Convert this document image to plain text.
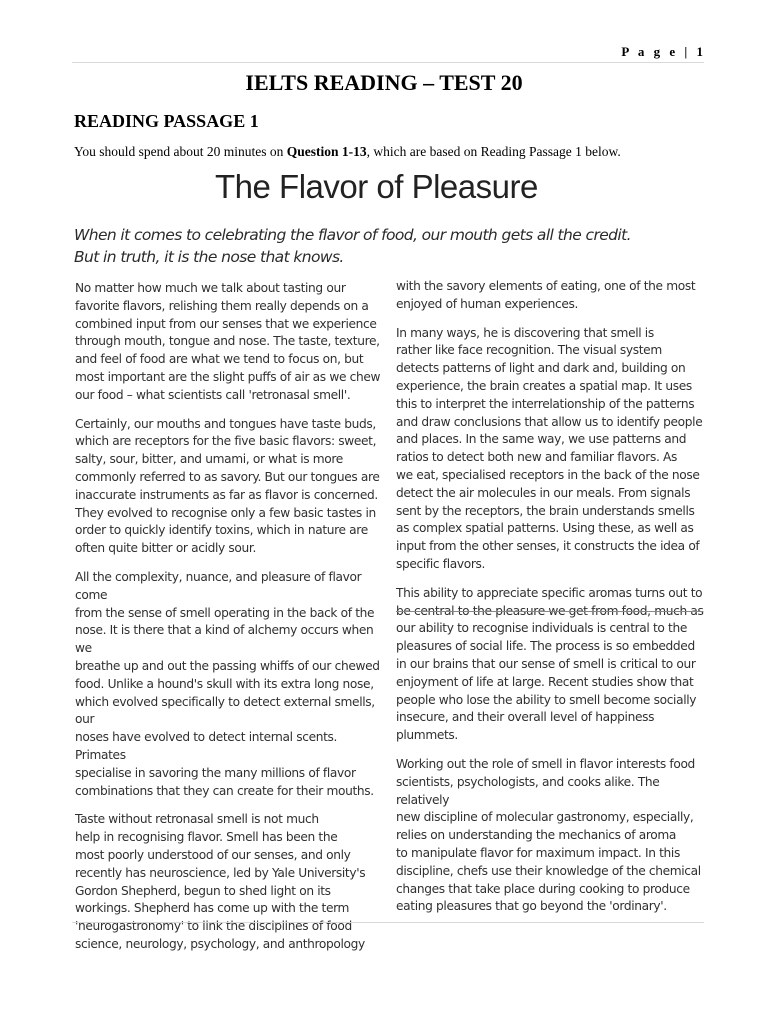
P a g e | 1
IELTS READING – TEST 20
READING PASSAGE 1
You should spend about 20 minutes on Question 1-13, which are based on Reading Passage 1 below.
The Flavor of Pleasure
When it comes to celebrating the flavor of food, our mouth gets all the credit.
But in truth, it is the nose that knows.

No matter how much we talk about tasting our
favorite flavors, relishing them really depends on a
combined input from our senses that we experience
through mouth, tongue and nose. The taste, texture,
and feel of food are what we tend to focus on, but
most important are the slight puffs of air as we chew
our food – what scientists call 'retronasal smell'.

Certainly, our mouths and tongues have taste buds,
which are receptors for the five basic flavors: sweet,
salty, sour, bitter, and umami, or what is more
commonly referred to as savory. But our tongues are
inaccurate instruments as far as flavor is concerned.
They evolved to recognise only a few basic tastes in
order to quickly identify toxins, which in nature are
often quite bitter or acidly sour.

All the complexity, nuance, and pleasure of flavor come
from the sense of smell operating in the back of the
nose. It is there that a kind of alchemy occurs when we
breathe up and out the passing whiffs of our chewed
food. Unlike a hound's skull with its extra long nose,
which evolved specifically to detect external smells, our
noses have evolved to detect internal scents. Primates
specialise in savoring the many millions of flavor
combinations that they can create for their mouths.

Taste without retronasal smell is not much
help in recognising flavor. Smell has been the
most poorly understood of our senses, and only
recently has neuroscience, led by Yale University's
Gordon Shepherd, begun to shed light on its
workings. Shepherd has come up with the term
'neurogastronomy' to link the disciplines of food
science, neurology, psychology, and anthropology

with the savory elements of eating, one of the most
enjoyed of human experiences.

In many ways, he is discovering that smell is
rather like face recognition. The visual system
detects patterns of light and dark and, building on
experience, the brain creates a spatial map. It uses
this to interpret the interrelationship of the patterns
and draw conclusions that allow us to identify people
and places. In the same way, we use patterns and
ratios to detect both new and familiar flavors. As
we eat, specialised receptors in the back of the nose
detect the air molecules in our meals. From signals
sent by the receptors, the brain understands smells
as complex spatial patterns. Using these, as well as
input from the other senses, it constructs the idea of
specific flavors.

This ability to appreciate specific aromas turns out to
be central to the pleasure we get from food, much as
our ability to recognise individuals is central to the
pleasures of social life. The process is so embedded
in our brains that our sense of smell is critical to our
enjoyment of life at large. Recent studies show that
people who lose the ability to smell become socially
insecure, and their overall level of happiness plummets.

Working out the role of smell in flavor interests food
scientists, psychologists, and cooks alike. The relatively
new discipline of molecular gastronomy, especially,
relies on understanding the mechanics of aroma
to manipulate flavor for maximum impact. In this
discipline, chefs use their knowledge of the chemical
changes that take place during cooking to produce
eating pleasures that go beyond the 'ordinary'.
